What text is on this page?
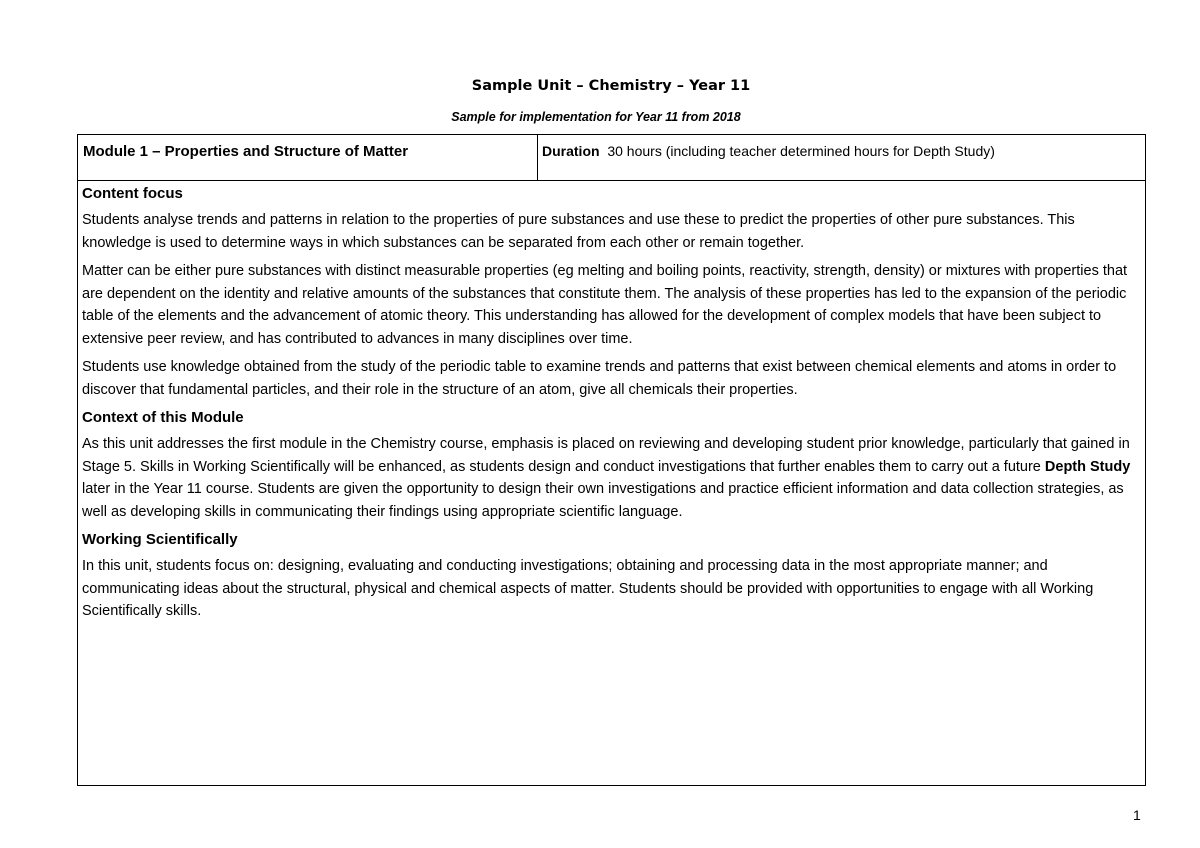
Sample Unit – Chemistry – Year 11
Sample for implementation for Year 11 from 2018
Module 1 – Properties and Structure of Matter	Duration 30 hours (including teacher determined hours for Depth Study)
Content focus

Students analyse trends and patterns in relation to the properties of pure substances and use these to predict the properties of other pure substances. This knowledge is used to determine ways in which substances can be separated from each other or remain together.

Matter can be either pure substances with distinct measurable properties (eg melting and boiling points, reactivity, strength, density) or mixtures with properties that are dependent on the identity and relative amounts of the substances that constitute them. The analysis of these properties has led to the expansion of the periodic table of the elements and the advancement of atomic theory. This understanding has allowed for the development of complex models that have been subject to extensive peer review, and has contributed to advances in many disciplines over time.

Students use knowledge obtained from the study of the periodic table to examine trends and patterns that exist between chemical elements and atoms in order to discover that fundamental particles, and their role in the structure of an atom, give all chemicals their properties.

Context of this Module

As this unit addresses the first module in the Chemistry course, emphasis is placed on reviewing and developing student prior knowledge, particularly that gained in Stage 5. Skills in Working Scientifically will be enhanced, as students design and conduct investigations that further enables them to carry out a future Depth Study later in the Year 11 course. Students are given the opportunity to design their own investigations and practice efficient information and data collection strategies, as well as developing skills in communicating their findings using appropriate scientific language.

Working Scientifically

In this unit, students focus on: designing, evaluating and conducting investigations; obtaining and processing data in the most appropriate manner; and communicating ideas about the structural, physical and chemical aspects of matter. Students should be provided with opportunities to engage with all Working Scientifically skills.

1
